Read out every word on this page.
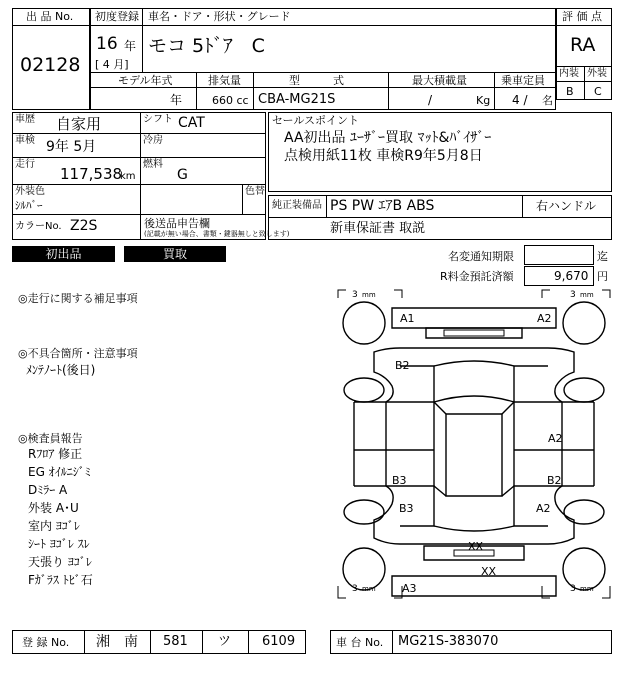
出 品 No.
02128
初度登録 車名・ドア・形状・グレード
16 年
[ 4 月]
モコ 5ﾄﾞｱ　C
モデル年式	排気量	型　　　式	最大積載量	乗車定員
年	660 cc CBA-MG21S	/	Kg 4 / 名
評 価 点
RA
内装 外装
B C
車歴 自家用	シフト CAT
車検 9年 5月	冷房
走行
117,538
km
燃料
G
外装色
ｼﾙﾊﾞｰ
色替
カラーNo. Z2S	後送品申告欄
(記載が無い場合、書類・鍵器無しと致します)
セールスポイント
AA初出品 ﾕｰｻﾞｰ買取 ﾏｯﾄ&ﾊﾞｲｻﾞｰ
点検用紙11枚 車検R9年5月8日
純正装備品 PS PW ｴｱB ABS	右ハンドル
新車保証書 取説
初出品	買取	名変通知期限	迄
R料金預託済額	9,670 円
◎走行に関する補足事項
◎不具合箇所・注意事項
ﾒﾝﾃﾉｰﾄ(後日)
◎検査員報告
Rﾌﾛｱ 修正
EG ｵｲﾙﾆｼﾞﾐ
Dﾐﾗｰ A
外装 A･U
室内 ﾖｺﾞﾚ
ｼｰﾄ ﾖｺﾞﾚ ｽﾚ
天張り ﾖｺﾞﾚ
Fｶﾞﾗｽ ﾄﾋﾞ石
3 mm	3 mm
3 mm	3 mm
A1	A2
B2
A2
B3	B2
B3	A2
XX
XX
A3
登 録 No. 湘　南 581 ツ 6109	車 台 No. MG21S-383070
